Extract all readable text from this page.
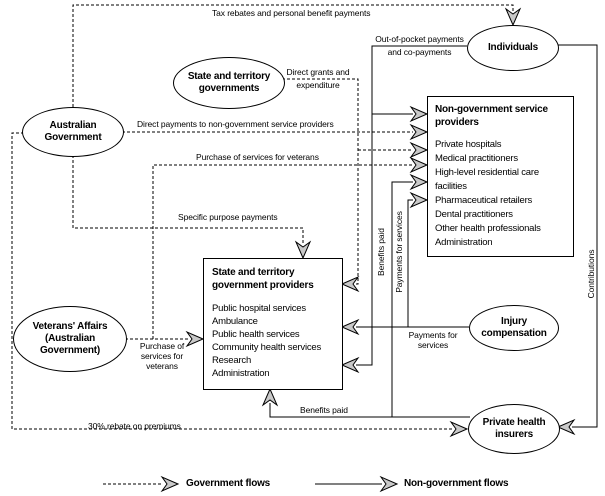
Australian Government
State and territory governments
Individuals
Veterans' Affairs (Australian Government)
Injury compensation
Private health insurers
Non-government service providers
Private hospitals
Medical practitioners
High-level residential care facilities
Pharmaceutical retailers
Dental practitioners
Other health professionals
Administration
State and territory government providers
Public hospital services
Ambulance
Public health services
Community health services
Research
Administration
Tax rebates and personal benefit payments
Out-of-pocket payments
and co-payments
Direct grants and
expenditure
Direct payments to non-government service providers
Purchase of services for veterans
Specific purpose payments
Purchase of services for veterans
Payments for services
Benefits paid
30% rebate on premiums
Benefits paid Payments for services	Contributions
Government flows	Non-government flows
